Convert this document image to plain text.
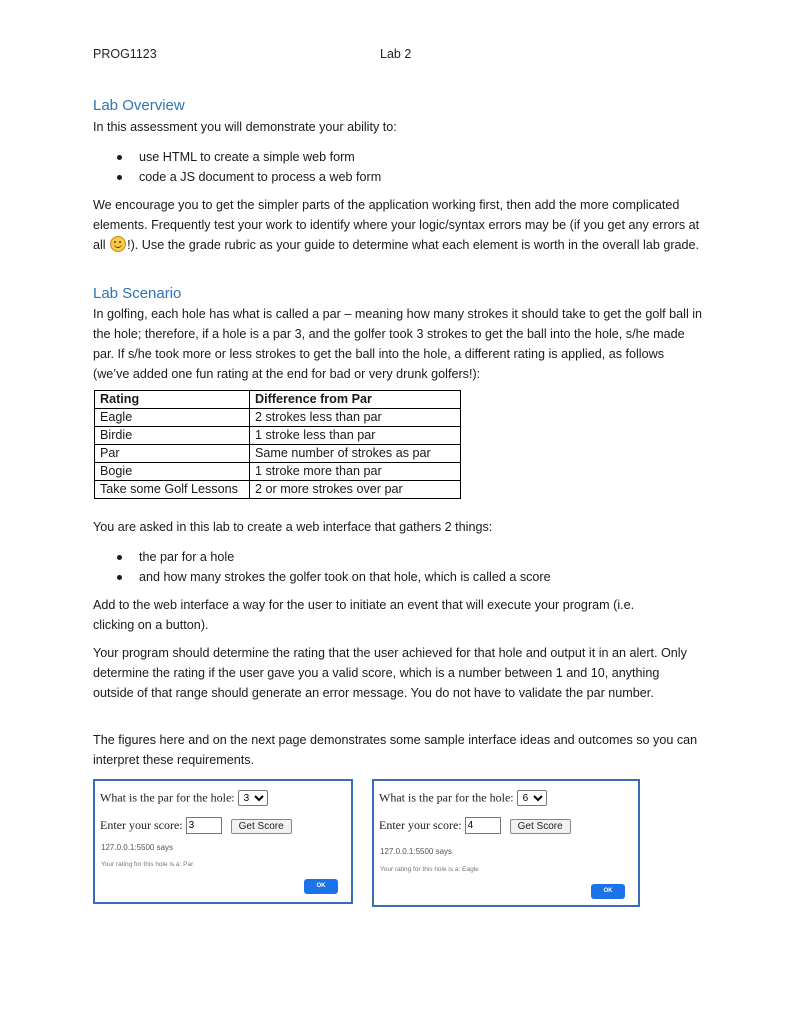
PROG1123	Lab 2
Lab Overview
In this assessment you will demonstrate your ability to:
use HTML to create a simple web form
code a JS document to process a web form
We encourage you to get the simpler parts of the application working first, then add the more complicated elements. Frequently test your work to identify where your logic/syntax errors may be (if you get any errors at all !). Use the grade rubric as your guide to determine what each element is worth in the overall lab grade.
Lab Scenario
In golfing, each hole has what is called a par – meaning how many strokes it should take to get the golf ball in the hole; therefore, if a hole is a par 3, and the golfer took 3 strokes to get the ball into the hole, s/he made par. If s/he took more or less strokes to get the ball into the hole, a different rating is applied, as follows (we’ve added one fun rating at the end for bad or very drunk golfers!):
Rating	Difference from Par
Eagle	2 strokes less than par
Birdie	1 stroke less than par
Par	Same number of strokes as par
Bogie	1 stroke more than par
Take some Golf Lessons	2 or more strokes over par
You are asked in this lab to create a web interface that gathers 2 things:
the par for a hole
and how many strokes the golfer took on that hole, which is called a score
Add to the web interface a way for the user to initiate an event that will execute your program (i.e. clicking on a button).
Your program should determine the rating that the user achieved for that hole and output it in an alert. Only determine the rating if the user gave you a valid score, which is a number between 1 and 10, anything outside of that range should generate an error message. You do not have to validate the par number.
The figures here and on the next page demonstrates some sample interface ideas and outcomes so you can interpret these requirements.
What is the par for the hole:
3
Enter your score: 3	Get Score
127.0.0.1:5500 says
Your rating for this hole is a: Par
OK
What is the par for the hole:
6
Enter your score: 4	Get Score
127.0.0.1:5500 says
Your rating for this hole is a: Eagle
OK
